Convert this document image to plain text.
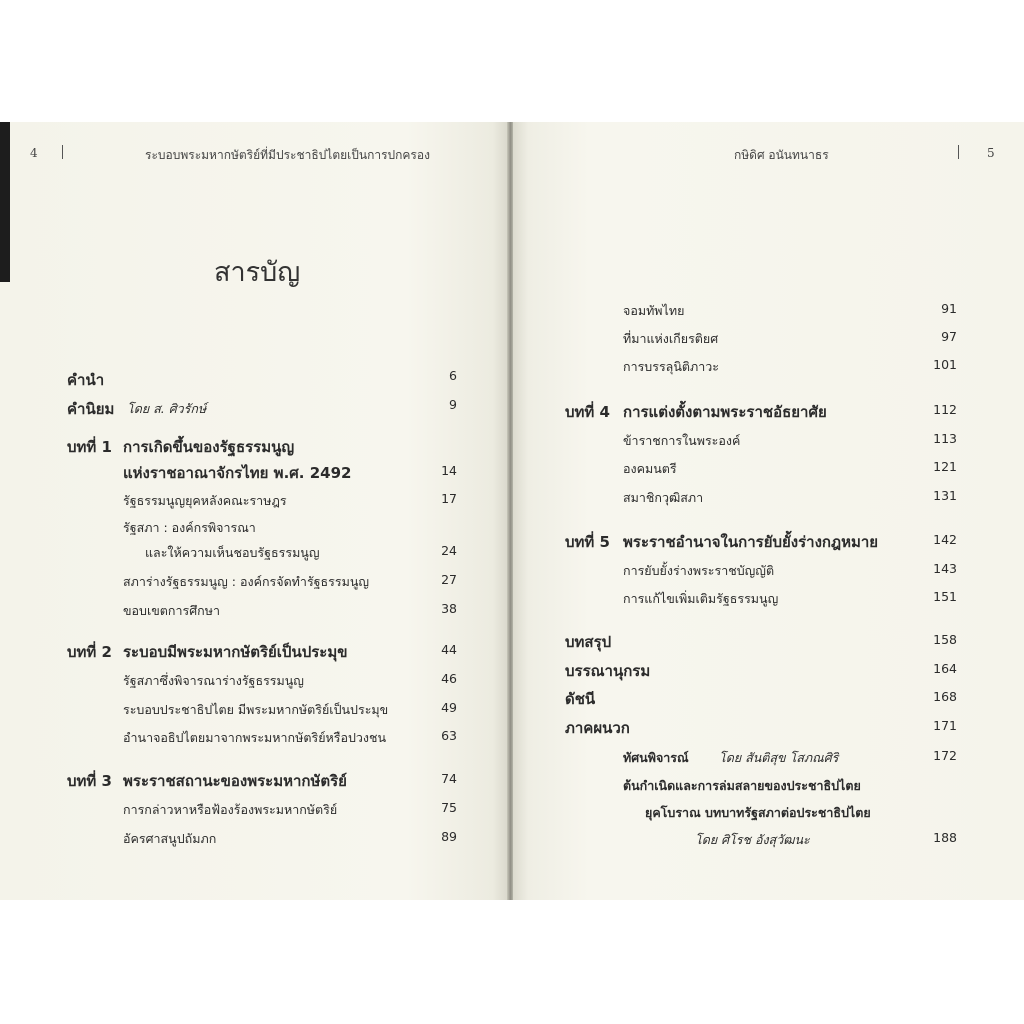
4	ระบอบพระมหากษัตริย์ที่มีประชาธิปไตยเป็นการปกครอง
สารบัญ
คำนำ	6
คำนิยม โดย ส. ศิวรักษ์	9
บทที่ 1 การเกิดขึ้นของรัฐธรรมนูญ
แห่งราชอาณาจักรไทย พ.ศ. 2492	14
รัฐธรรมนูญยุคหลังคณะราษฎร	17
รัฐสภา : องค์กรพิจารณา
และให้ความเห็นชอบรัฐธรรมนูญ	24
สภาร่างรัฐธรรมนูญ : องค์กรจัดทำรัฐธรรมนูญ	27
ขอบเขตการศึกษา	38
บทที่ 2 ระบอบมีพระมหากษัตริย์เป็นประมุข	44
รัฐสภาซึ่งพิจารณาร่างรัฐธรรมนูญ	46
ระบอบประชาธิปไตย มีพระมหากษัตริย์เป็นประมุข	49
อำนาจอธิปไตยมาจากพระมหากษัตริย์หรือปวงชน	63
บทที่ 3 พระราชสถานะของพระมหากษัตริย์	74
การกล่าวหาหรือฟ้องร้องพระมหากษัตริย์	75
อัครศาสนูปถัมภก	89
กษิดิศ อนันทนาธร	5
จอมทัพไทย	91
ที่มาแห่งเกียรติยศ	97
การบรรลุนิติภาวะ	101
บทที่ 4 การแต่งตั้งตามพระราชอัธยาศัย	112
ข้าราชการในพระองค์	113
องคมนตรี	121
สมาชิกวุฒิสภา	131
บทที่ 5 พระราชอำนาจในการยับยั้งร่างกฎหมาย	142
การยับยั้งร่างพระราชบัญญัติ	143
การแก้ไขเพิ่มเติมรัฐธรรมนูญ	151
บทสรุป	158
บรรณานุกรม	164
ดัชนี	168
ภาคผนวก	171
ทัศนพิจารณ์ โดย สันติสุข โสภณศิริ	172
ต้นกำเนิดและการล่มสลายของประชาธิปไตย
ยุคโบราณ บทบาทรัฐสภาต่อประชาธิปไตย
โดย ศิโรช อังสุวัฒนะ	188
